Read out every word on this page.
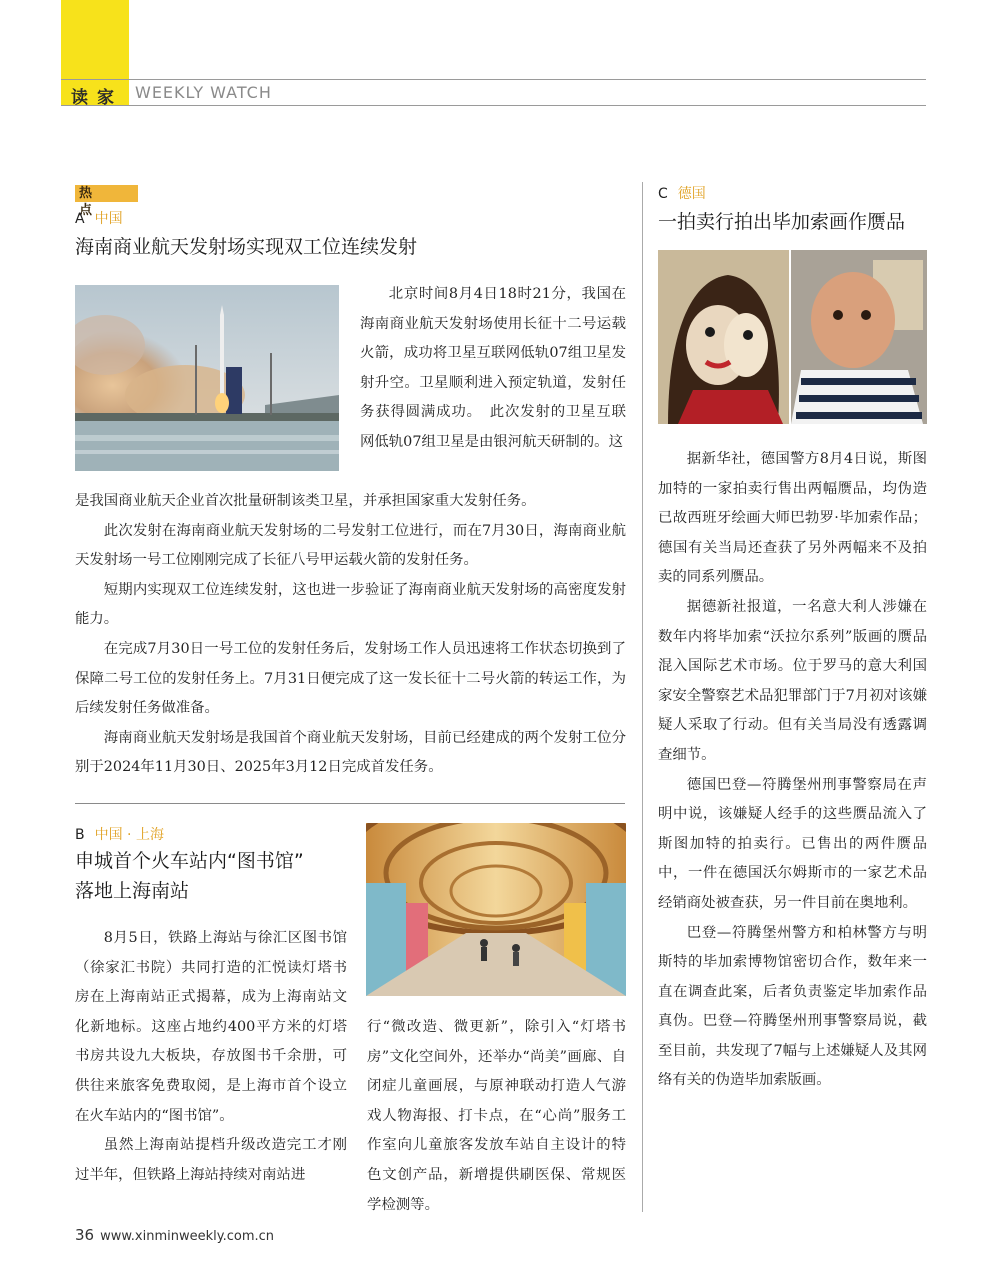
读家 WEEKLY WATCH
热点
A 中国
海南商业航天发射场实现双工位连续发射

北京时间8月4日18时21分，我国在海南商业航天发射场使用长征十二号运载火箭，成功将卫星互联网低轨07组卫星发射升空。卫星顺利进入预定轨道，发射任务获得圆满成功。　此次发射的卫星互联网低轨07组卫星是由银河航天研制的。这

是我国商业航天企业首次批量研制该类卫星，并承担国家重大发射任务。

此次发射在海南商业航天发射场的二号发射工位进行，而在7月30日，海南商业航天发射场一号工位刚刚完成了长征八号甲运载火箭的发射任务。

短期内实现双工位连续发射，这也进一步验证了海南商业航天发射场的高密度发射能力。

在完成7月30日一号工位的发射任务后，发射场工作人员迅速将工作状态切换到了保障二号工位的发射任务上。7月31日便完成了这一发长征十二号火箭的转运工作，为后续发射任务做准备。

海南商业航天发射场是我国首个商业航天发射场，目前已经建成的两个发射工位分别于2024年11月30日、2025年3月12日完成首发任务。

B 中国 · 上海
申城首个火车站内“图书馆”
落地上海南站

8月5日，铁路上海站与徐汇区图书馆（徐家汇书院）共同打造的汇悦读灯塔书房在上海南站正式揭幕，成为上海南站文化新地标。这座占地约400平方米的灯塔书房共设九大板块，存放图书千余册，可供往来旅客免费取阅，是上海市首个设立在火车站内的“图书馆”。

虽然上海南站提档升级改造完工才刚过半年，但铁路上海站持续对南站进

行“微改造、微更新”，除引入“灯塔书房”文化空间外，还举办“尚美”画廊、自闭症儿童画展，与原神联动打造人气游戏人物海报、打卡点，在“心尚”服务工作室向儿童旅客发放车站自主设计的特色文创产品，新增提供刷医保、常规医学检测等。

C 德国
一拍卖行拍出毕加索画作赝品

据新华社，德国警方8月4日说，斯图加特的一家拍卖行售出两幅赝品，均伪造已故西班牙绘画大师巴勃罗·毕加索作品；德国有关当局还查获了另外两幅来不及拍卖的同系列赝品。

据德新社报道，一名意大利人涉嫌在数年内将毕加索“沃拉尔系列”版画的赝品混入国际艺术市场。位于罗马的意大利国家安全警察艺术品犯罪部门于7月初对该嫌疑人采取了行动。但有关当局没有透露调查细节。

德国巴登—符腾堡州刑事警察局在声明中说，该嫌疑人经手的这些赝品流入了斯图加特的拍卖行。已售出的两件赝品中，一件在德国沃尔姆斯市的一家艺术品经销商处被查获，另一件目前在奥地利。

巴登—符腾堡州警方和柏林警方与明斯特的毕加索博物馆密切合作，数年来一直在调查此案，后者负责鉴定毕加索作品真伪。巴登—符腾堡州刑事警察局说，截至目前，共发现了7幅与上述嫌疑人及其网络有关的伪造毕加索版画。

36 www.xinminweekly.com.cn
